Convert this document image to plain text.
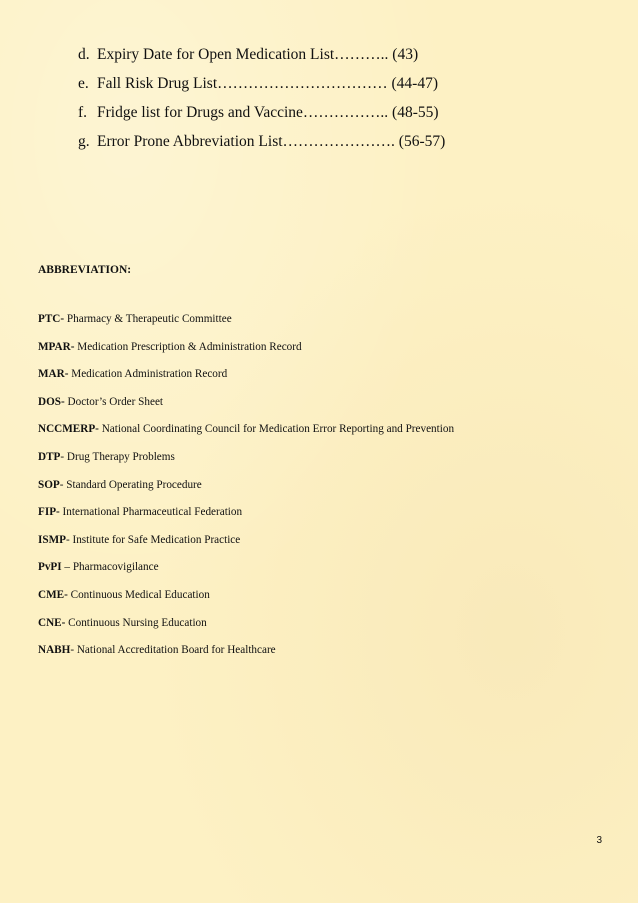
d. Expiry Date for Open Medication List……….. (43)
e. Fall Risk Drug List…………………………… (44-47)
f. Fridge list for Drugs and Vaccine…………….. (48-55)
g. Error Prone Abbreviation List…………………. (56-57)
ABBREVIATION:
PTC- Pharmacy & Therapeutic Committee
MPAR- Medication Prescription & Administration Record
MAR- Medication Administration Record
DOS- Doctor’s Order Sheet
NCCMERP- National Coordinating Council for Medication Error Reporting and Prevention
DTP- Drug Therapy Problems
SOP- Standard Operating Procedure
FIP- International Pharmaceutical Federation
ISMP- Institute for Safe Medication Practice
PvPI – Pharmacovigilance
CME- Continuous Medical Education
CNE- Continuous Nursing Education
NABH- National Accreditation Board for Healthcare
3
